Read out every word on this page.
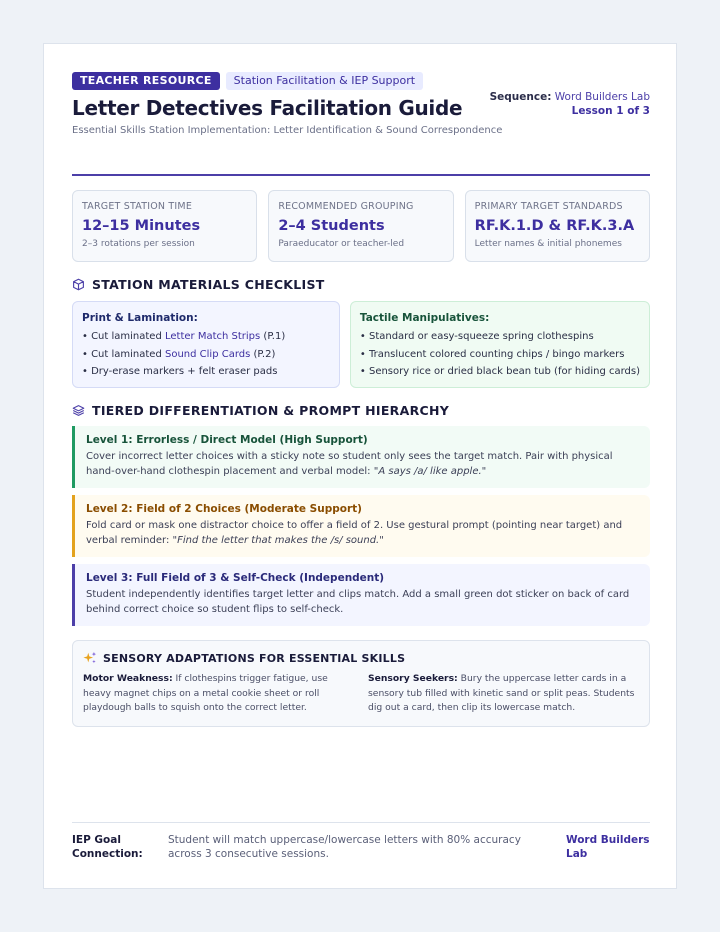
TEACHER RESOURCE	Station Facilitation & IEP Support
Letter Detectives Facilitation Guide
Essential Skills Station Implementation: Letter Identification & Sound Correspondence
Sequence: Word Builders Lab
Lesson 1 of 3
TARGET STATION TIME
12–15 Minutes
2–3 rotations per session
RECOMMENDED GROUPING
2–4 Students
Paraeducator or teacher-led
PRIMARY TARGET STANDARDS
RF.K.1.D & RF.K.3.A
Letter names & initial phonemes
STATION MATERIALS CHECKLIST
Print & Lamination:
• Cut laminated Letter Match Strips (P.1)
• Cut laminated Sound Clip Cards (P.2)
• Dry-erase markers + felt eraser pads
Tactile Manipulatives:
• Standard or easy-squeeze spring clothespins
• Translucent colored counting chips / bingo markers
• Sensory rice or dried black bean tub (for hiding cards)
TIERED DIFFERENTIATION & PROMPT HIERARCHY
Level 1: Errorless / Direct Model (High Support)
Cover incorrect letter choices with a sticky note so student only sees the target match. Pair with physical hand-over-hand clothespin placement and verbal model: "A says /a/ like apple."
Level 2: Field of 2 Choices (Moderate Support)
Fold card or mask one distractor choice to offer a field of 2. Use gestural prompt (pointing near target) and verbal reminder: "Find the letter that makes the /s/ sound."
Level 3: Full Field of 3 & Self-Check (Independent)
Student independently identifies target letter and clips match. Add a small green dot sticker on back of card behind correct choice so student flips to self-check.
SENSORY ADAPTATIONS FOR ESSENTIAL SKILLS
Motor Weakness: If clothespins trigger fatigue, use heavy magnet chips on a metal cookie sheet or roll playdough balls to squish onto the correct letter.
Sensory Seekers: Bury the uppercase letter cards in a sensory tub filled with kinetic sand or split peas. Students dig out a card, then clip its lowercase match.
IEP Goal Connection:
Student will match uppercase/lowercase letters with 80% accuracy across 3 consecutive sessions.
Word Builders Lab
